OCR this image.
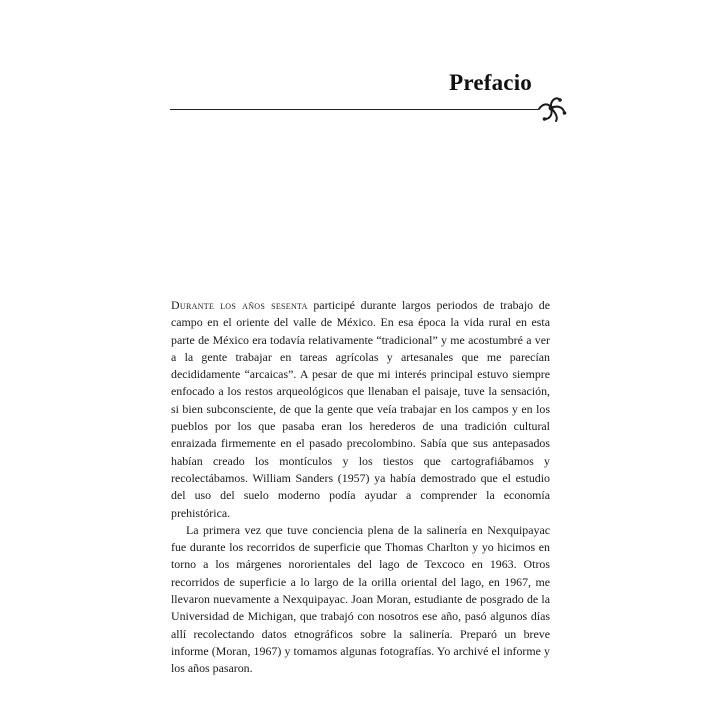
Prefacio

Durante los años sesenta participé durante largos periodos de trabajo de campo en el oriente del valle de México. En esa época la vida rural en esta parte de México era todavía relativamente “tradicional” y me acostumbré a ver a la gente trabajar en tareas agrícolas y artesanales que me parecían decididamente “arcaicas”. A pesar de que mi interés principal estuvo siempre enfocado a los restos arqueológicos que llenaban el paisaje, tuve la sensación, si bien subconsciente, de que la gente que veía trabajar en los campos y en los pueblos por los que pasaba eran los herederos de una tradición cultural enraizada firmemente en el pasado precolombino. Sabía que sus antepasados habían creado los montículos y los tiestos que cartografiábamos y recolectábamos. William Sanders (1957) ya había demostrado que el estudio del uso del suelo moderno podía ayudar a comprender la economía prehistórica.

La primera vez que tuve conciencia plena de la salinería en Nexquipayac fue durante los recorridos de superficie que Thomas Charlton y yo hicimos en torno a los márgenes nororientales del lago de Texcoco en 1963. Otros recorridos de superficie a lo largo de la orilla oriental del lago, en 1967, me llevaron nuevamente a Nexquipayac. Joan Moran, estudiante de posgrado de la Universidad de Michigan, que trabajó con nosotros ese año, pasó algunos días allí recolectando datos etnográficos sobre la salinería. Preparó un breve informe (Moran, 1967) y tomamos algunas fotografías. Yo archivé el informe y los años pasaron.
